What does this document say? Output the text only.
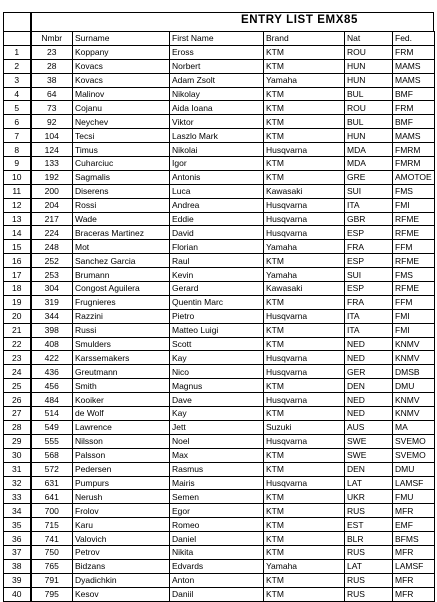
ENTRY LIST EMX85
	Nmbr	Surname	First Name	Brand	Nat	Fed.
1	23	Koppany	Eross	KTM	ROU	FRM
2	28	Kovacs	Norbert	KTM	HUN	MAMS
3	38	Kovacs	Adam Zsolt	Yamaha	HUN	MAMS
4	64	Malinov	Nikolay	KTM	BUL	BMF
5	73	Cojanu	Aida Ioana	KTM	ROU	FRM
6	92	Neychev	Viktor	KTM	BUL	BMF
7	104	Tecsi	Laszlo Mark	KTM	HUN	MAMS
8	124	Timus	Nikolai	Husqvarna	MDA	FMRM
9	133	Cuharciuc	Igor	KTM	MDA	FMRM
10	192	Sagmalis	Antonis	KTM	GRE	AMOTOE
11	200	Diserens	Luca	Kawasaki	SUI	FMS
12	204	Rossi	Andrea	Husqvarna	ITA	FMI
13	217	Wade	Eddie	Husqvarna	GBR	RFME
14	224	Braceras Martinez	David	Husqvarna	ESP	RFME
15	248	Mot	Florian	Yamaha	FRA	FFM
16	252	Sanchez Garcia	Raul	KTM	ESP	RFME
17	253	Brumann	Kevin	Yamaha	SUI	FMS
18	304	Congost Aguilera	Gerard	Kawasaki	ESP	RFME
19	319	Frugnieres	Quentin Marc	KTM	FRA	FFM
20	344	Razzini	Pietro	Husqvarna	ITA	FMI
21	398	Russi	Matteo Luigi	KTM	ITA	FMI
22	408	Smulders	Scott	KTM	NED	KNMV
23	422	Karssemakers	Kay	Husqvarna	NED	KNMV
24	436	Greutmann	Nico	Husqvarna	GER	DMSB
25	456	Smith	Magnus	KTM	DEN	DMU
26	484	Kooiker	Dave	Husqvarna	NED	KNMV
27	514	de Wolf	Kay	KTM	NED	KNMV
28	549	Lawrence	Jett	Suzuki	AUS	MA
29	555	Nilsson	Noel	Husqvarna	SWE	SVEMO
30	568	Palsson	Max	KTM	SWE	SVEMO
31	572	Pedersen	Rasmus	KTM	DEN	DMU
32	631	Pumpurs	Mairis	Husqvarna	LAT	LAMSF
33	641	Nerush	Semen	KTM	UKR	FMU
34	700	Frolov	Egor	KTM	RUS	MFR
35	715	Karu	Romeo	KTM	EST	EMF
36	741	Valovich	Daniel	KTM	BLR	BFMS
37	750	Petrov	Nikita	KTM	RUS	MFR
38	765	Bidzans	Edvards	Yamaha	LAT	LAMSF
39	791	Dyadichkin	Anton	KTM	RUS	MFR
40	795	Kesov	Daniil	KTM	RUS	MFR
